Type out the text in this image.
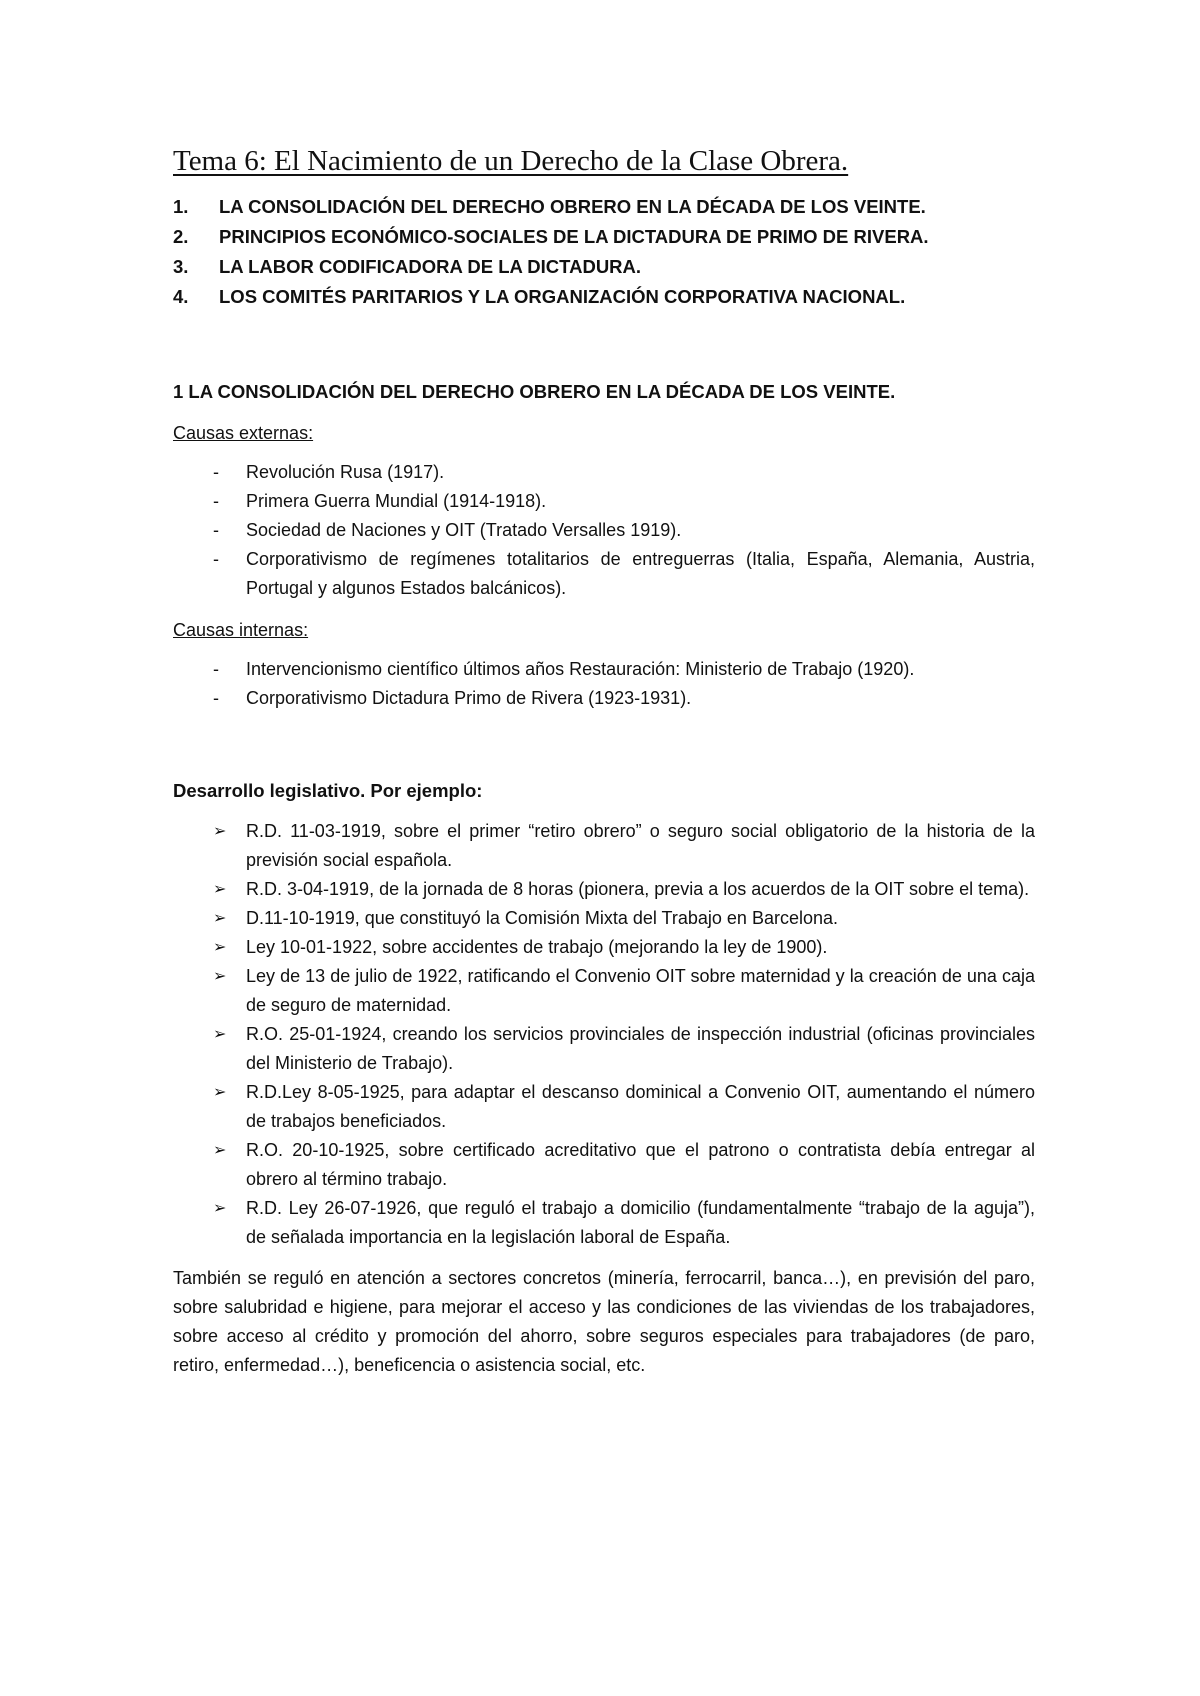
Tema 6: El Nacimiento de un Derecho de la Clase Obrera.
1.	LA CONSOLIDACIÓN DEL DERECHO OBRERO EN LA DÉCADA DE LOS VEINTE.
2.	PRINCIPIOS ECONÓMICO-SOCIALES DE LA DICTADURA DE PRIMO DE RIVERA.
3.	LA LABOR CODIFICADORA DE LA DICTADURA.
4.	LOS COMITÉS PARITARIOS Y LA ORGANIZACIÓN CORPORATIVA NACIONAL.
1 LA CONSOLIDACIÓN DEL DERECHO OBRERO EN LA DÉCADA DE LOS VEINTE.
Causas externas:
- Revolución Rusa (1917).
- Primera Guerra Mundial (1914-1918).
- Sociedad de Naciones y OIT (Tratado Versalles 1919).
- Corporativismo de regímenes totalitarios de entreguerras (Italia, España, Alemania, Austria, Portugal y algunos Estados balcánicos).
Causas internas:
- Intervencionismo científico últimos años Restauración: Ministerio de Trabajo (1920).
- Corporativismo Dictadura Primo de Rivera (1923-1931).
Desarrollo legislativo. Por ejemplo:
➢ R.D. 11-03-1919, sobre el primer “retiro obrero” o seguro social obligatorio de la historia de la previsión social española.
➢ R.D. 3-04-1919, de la jornada de 8 horas (pionera, previa a los acuerdos de la OIT sobre el tema).
➢ D.11-10-1919, que constituyó la Comisión Mixta del Trabajo en Barcelona.
➢ Ley 10-01-1922, sobre accidentes de trabajo (mejorando la ley de 1900).
➢ Ley de 13 de julio de 1922, ratificando el Convenio OIT sobre maternidad y la creación de una caja de seguro de maternidad.
➢ R.O. 25-01-1924, creando los servicios provinciales de inspección industrial (oficinas provinciales del Ministerio de Trabajo).
➢ R.D.Ley 8-05-1925, para adaptar el descanso dominical a Convenio OIT, aumentando el número de trabajos beneficiados.
➢ R.O. 20-10-1925, sobre certificado acreditativo que el patrono o contratista debía entregar al obrero al término trabajo.
➢ R.D. Ley 26-07-1926, que reguló el trabajo a domicilio (fundamentalmente “trabajo de la aguja”), de señalada importancia en la legislación laboral de España.

También se reguló en atención a sectores concretos (minería, ferrocarril, banca…), en previsión del paro, sobre salubridad e higiene, para mejorar el acceso y las condiciones de las viviendas de los trabajadores, sobre acceso al crédito y promoción del ahorro, sobre seguros especiales para trabajadores (de paro, retiro, enfermedad…), beneficencia o asistencia social, etc.
